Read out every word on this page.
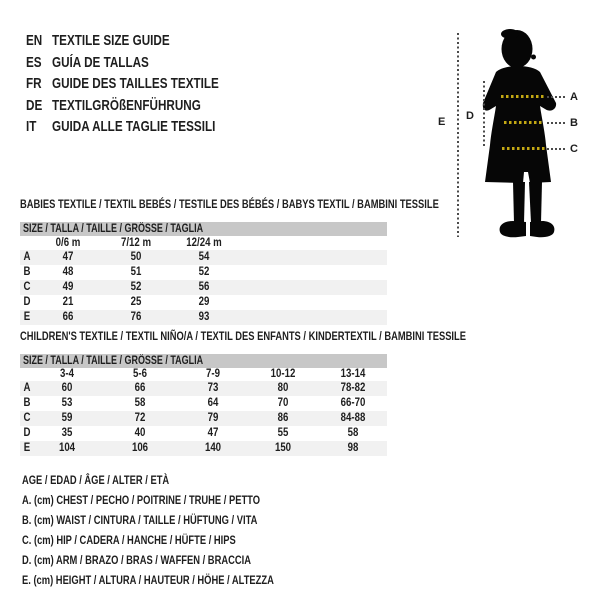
EN TEXTILE SIZE GUIDE
ES GUÍA DE TALLAS
FR GUIDE DES TAILLES TEXTILE
DE TEXTILGRÖßENFÜHRUNG
IT	GUIDA ALLE TAGLIE TESSILI
A
B
C
D
E
BABIES TEXTILE / TEXTIL BEBÉS / TESTILE DES BÉBÉS / BABYS TEXTIL / BAMBINI TESSILE
SIZE / TALLA / TAILLE / GRÖSSE / TAGLIA
0/6 m	7/12 m	12/24 m
A	47	50	54
B	48	51	52
C	49	52	56
D	21	25	29
E	66	76	93
CHILDREN'S TEXTILE / TEXTIL NIÑO/A / TEXTIL DES ENFANTS / KINDERTEXTIL / BAMBINI TESSILE
SIZE / TALLA / TAILLE / GRÖSSE / TAGLIA
3-4	5-6	7-9	10-12	13-14
A	60	66	73	80	78-82
B	53	58	64	70	66-70
C	59	72	79	86	84-88
D	35	40	47	55	58
E	104	106	140	150	98
AGE / EDAD / ÂGE / ALTER / ETÀ
A. (cm) CHEST / PECHO / POITRINE / TRUHE / PETTO
B. (cm) WAIST / CINTURA / TAILLE / HÜFTUNG / VITA
C. (cm) HIP / CADERA / HANCHE / HÜFTE / HIPS
D. (cm) ARM / BRAZO / BRAS / WAFFEN / BRACCIA
E. (cm) HEIGHT / ALTURA / HAUTEUR / HÖHE / ALTEZZA
